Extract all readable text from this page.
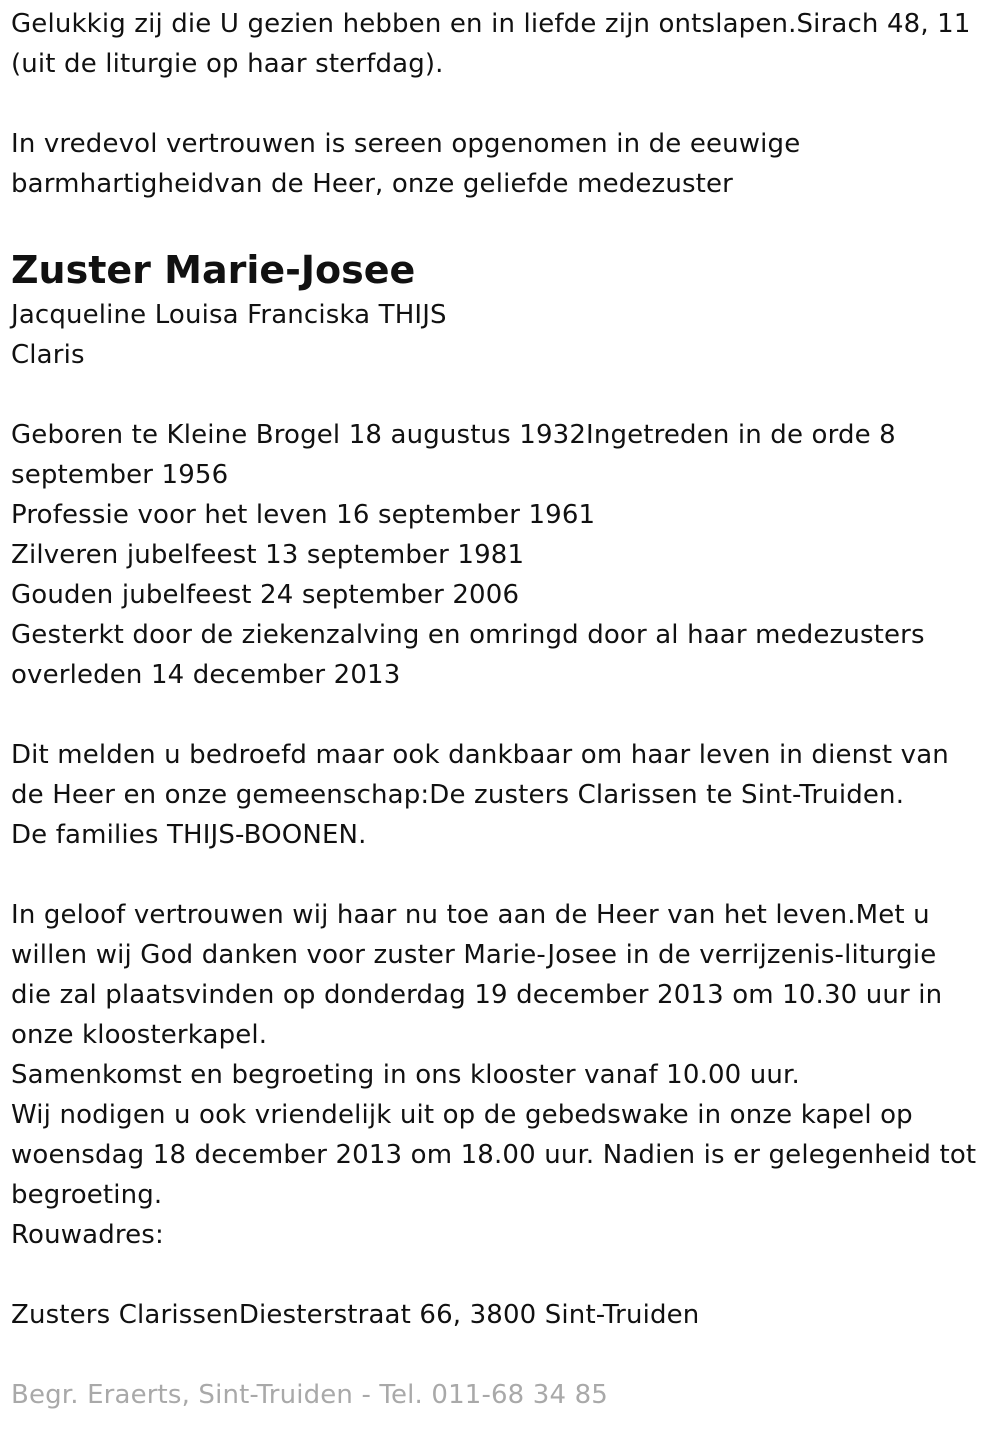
Gelukkig zij die U gezien hebben en in liefde zijn ontslapen.Sirach 48, 11
(uit de liturgie op haar sterfdag).
In vredevol vertrouwen is sereen opgenomen in de eeuwige
barmhartigheidvan de Heer, onze geliefde medezuster
Zuster Marie-Josee
Jacqueline Louisa Franciska THIJS
Claris
Geboren te Kleine Brogel 18 augustus 1932Ingetreden in de orde 8
september 1956
Professie voor het leven 16 september 1961
Zilveren jubelfeest 13 september 1981
Gouden jubelfeest 24 september 2006
Gesterkt door de ziekenzalving en omringd door al haar medezusters
overleden 14 december 2013
Dit melden u bedroefd maar ook dankbaar om haar leven in dienst van
de Heer en onze gemeenschap:De zusters Clarissen te Sint-Truiden.
De families THIJS-BOONEN.
In geloof vertrouwen wij haar nu toe aan de Heer van het leven.Met u
willen wij God danken voor zuster Marie-Josee in de verrijzenis-liturgie
die zal plaatsvinden op donderdag 19 december 2013 om 10.30 uur in
onze kloosterkapel.
Samenkomst en begroeting in ons klooster vanaf 10.00 uur.
Wij nodigen u ook vriendelijk uit op de gebedswake in onze kapel op
woensdag 18 december 2013 om 18.00 uur. Nadien is er gelegenheid tot
begroeting.
Rouwadres:
Zusters ClarissenDiesterstraat 66, 3800 Sint-Truiden
Begr. Eraerts, Sint-Truiden - Tel. 011-68 34 85
